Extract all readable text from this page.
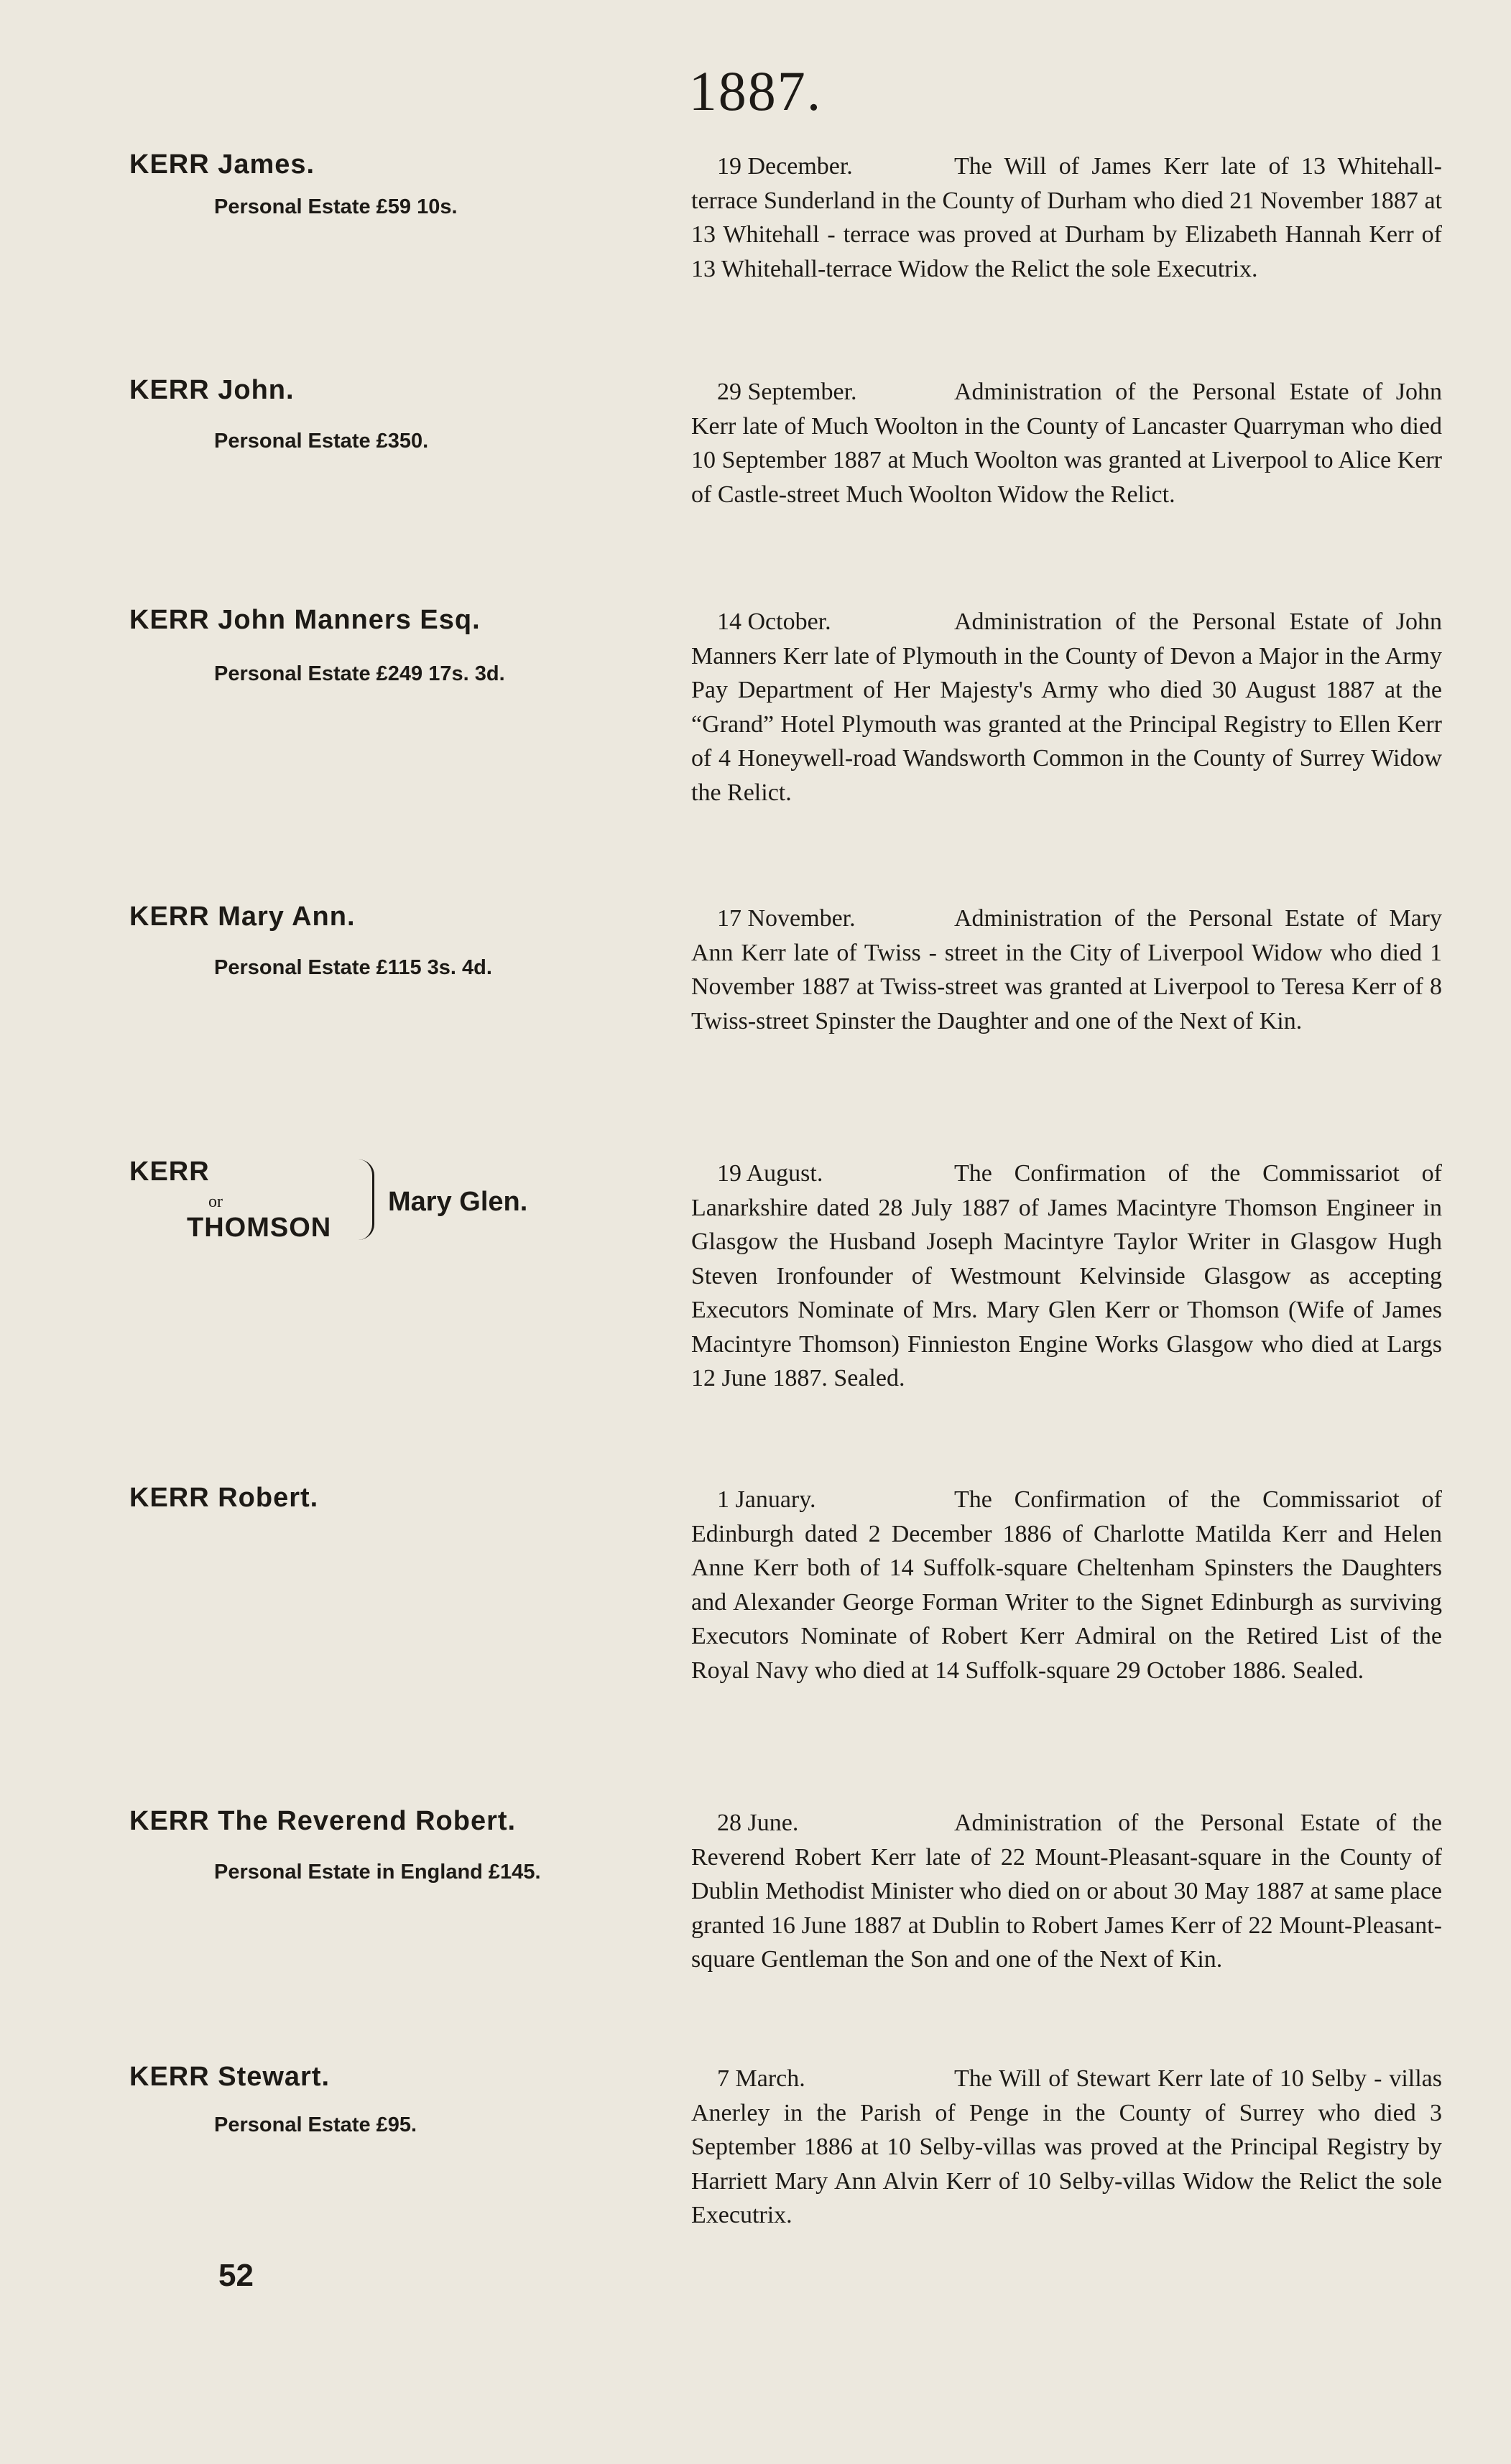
1887.
KERR James.
Personal Estate £59 10s.
19 December.	The Will of James Kerr late of 13 Whitehall-terrace Sunderland in the County of Durham who died 21 November 1887 at 13 Whitehall - terrace was proved at Durham by Elizabeth Hannah Kerr of 13 Whitehall-terrace Widow the Relict the sole Executrix.
KERR John.
Personal Estate £350.
29 September.	Administration of the Personal Estate of John Kerr late of Much Woolton in the County of Lancaster Quarryman who died 10 September 1887 at Much Woolton was granted at Liverpool to Alice Kerr of Castle-street Much Woolton Widow the Relict.
KERR John Manners Esq.
Personal Estate £249 17s. 3d.
14 October.	Administration of the Personal Estate of John Manners Kerr late of Plymouth in the County of Devon a Major in the Army Pay Department of Her Majesty's Army who died 30 August 1887 at the “Grand” Hotel Plymouth was granted at the Principal Registry to Ellen Kerr of 4 Honeywell-road Wandsworth Common in the County of Surrey Widow the Relict.
KERR Mary Ann.
Personal Estate £115 3s. 4d.
17 November.	Administration of the Personal Estate of Mary Ann Kerr late of Twiss - street in the City of Liverpool Widow who died 1 November 1887 at Twiss-street was granted at Liverpool to Teresa Kerr of 8 Twiss-street Spinster the Daughter and one of the Next of Kin.
KERR
or
THOMSON
Mary Glen.
19 August.	The Confirmation of the Commissariot of Lanarkshire dated 28 July 1887 of James Macintyre Thomson Engineer in Glasgow the Husband Joseph Macintyre Taylor Writer in Glasgow Hugh Steven Ironfounder of Westmount Kelvinside Glasgow as accepting Executors Nominate of Mrs. Mary Glen Kerr or Thomson (Wife of James Macintyre Thomson) Finnieston Engine Works Glasgow who died at Largs 12 June 1887. Sealed.
KERR Robert.	1 January.	The Confirmation of the Commissariot of Edinburgh dated 2 December 1886 of Charlotte Matilda Kerr and Helen Anne Kerr both of 14 Suffolk-square Cheltenham Spinsters the Daughters and Alexander George Forman Writer to the Signet Edinburgh as surviving Executors Nominate of Robert Kerr Admiral on the Retired List of the Royal Navy who died at 14 Suffolk-square 29 October 1886. Sealed.
KERR The Reverend Robert.
Personal Estate in England £145.
28 June.	Administration of the Personal Estate of the Reverend Robert Kerr late of 22 Mount-Pleasant-square in the County of Dublin Methodist Minister who died on or about 30 May 1887 at same place granted 16 June 1887 at Dublin to Robert James Kerr of 22 Mount-Pleasant-square Gentleman the Son and one of the Next of Kin.
KERR Stewart.
Personal Estate £95.
7 March.	The Will of Stewart Kerr late of 10 Selby - villas Anerley in the Parish of Penge in the County of Surrey who died 3 September 1886 at 10 Selby-villas was proved at the Principal Registry by Harriett Mary Ann Alvin Kerr of 10 Selby-villas Widow the Relict the sole Executrix.
52
